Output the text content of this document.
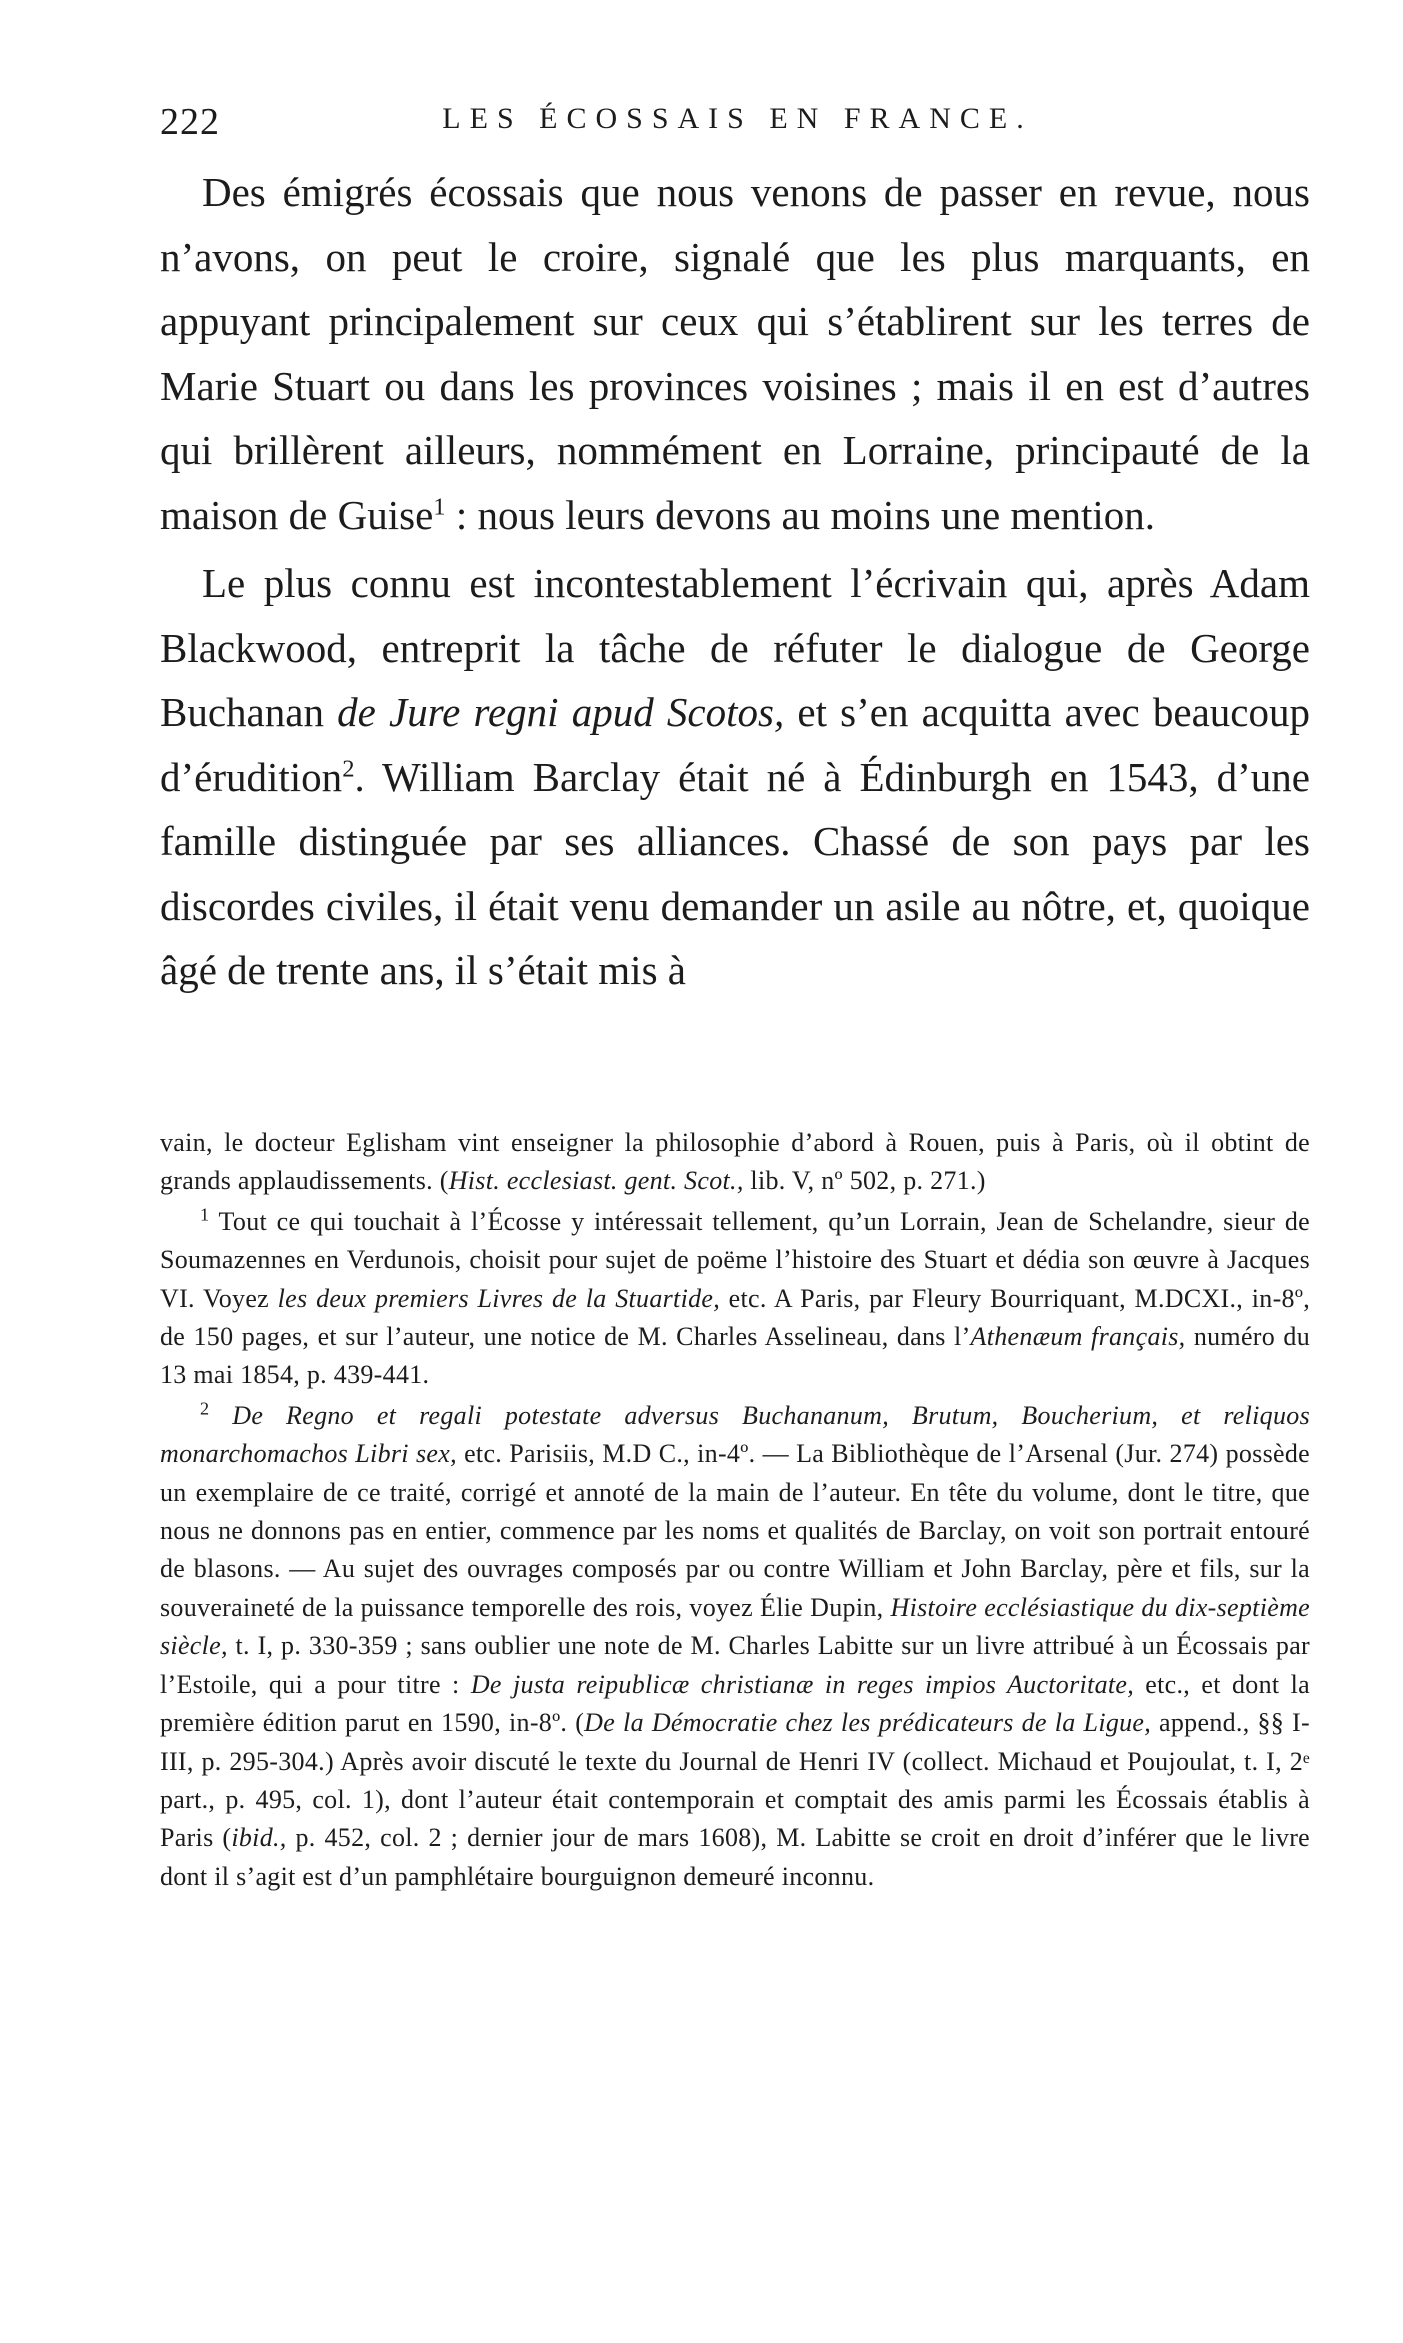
222	LES ÉCOSSAIS EN FRANCE.

Des émigrés écossais que nous venons de passer en revue, nous n’avons, on peut le croire, signalé que les plus marquants, en appuyant principalement sur ceux qui s’établirent sur les terres de Marie Stuart ou dans les provinces voisines ; mais il en est d’autres qui brillèrent ailleurs, nommément en Lorraine, principauté de la maison de Guise$^1$ : nous leurs devons au moins une mention.

Le plus connu est incontestablement l’écrivain qui, après Adam Blackwood, entreprit la tâche de réfuter le dialogue de George Buchanan de Jure regni apud Scotos, et s’en acquitta avec beaucoup d’érudition$^2$. William Barclay était né à Édinburgh en 1543, d’une famille distinguée par ses alliances. Chassé de son pays par les discordes civiles, il était venu demander un asile au nôtre, et, quoique âgé de trente ans, il s’était mis à

vain, le docteur Eglisham vint enseigner la philosophie d’abord à Rouen, puis à Paris, où il obtint de grands applaudissements. (Hist. ecclesiast. gent. Scot., lib. V, nº 502, p. 271.)

$^1$ Tout ce qui touchait à l’Écosse y intéressait tellement, qu’un Lorrain, Jean de Schelandre, sieur de Soumazennes en Verdunois, choisit pour sujet de poëme l’histoire des Stuart et dédia son œuvre à Jacques VI. Voyez les deux premiers Livres de la Stuartide, etc. A Paris, par Fleury Bourriquant, M.DCXI., in-8º, de 150 pages, et sur l’auteur, une notice de M. Charles Asselineau, dans l’Athenæum français, numéro du 13 mai 1854, p. 439-441.

$^2$ De Regno et regali potestate adversus Buchananum, Brutum, Boucherium, et reliquos monarchomachos Libri sex, etc. Parisiis, M.D C., in-4º. — La Bibliothèque de l’Arsenal (Jur. 274) possède un exemplaire de ce traité, corrigé et annoté de la main de l’auteur. En tête du volume, dont le titre, que nous ne donnons pas en entier, commence par les noms et qualités de Barclay, on voit son portrait entouré de blasons. — Au sujet des ouvrages composés par ou contre William et John Barclay, père et fils, sur la souveraineté de la puissance temporelle des rois, voyez Élie Dupin, Histoire ecclésiastique du dix-septième siècle, t. I, p. 330-359 ; sans oublier une note de M. Charles Labitte sur un livre attribué à un Écossais par l’Estoile, qui a pour titre : De justa reipublicæ christianæ in reges impios Auctoritate, etc., et dont la première édition parut en 1590, in-8º. (De la Démocratie chez les prédicateurs de la Ligue, append., §§ I-III, p. 295-304.) Après avoir discuté le texte du Journal de Henri IV (collect. Michaud et Poujoulat, t. I, 2ᵉ part., p. 495, col. 1), dont l’auteur était contemporain et comptait des amis parmi les Écossais établis à Paris (ibid., p. 452, col. 2 ; dernier jour de mars 1608), M. Labitte se croit en droit d’inférer que le livre dont il s’agit est d’un pamphlétaire bourguignon demeuré inconnu.
